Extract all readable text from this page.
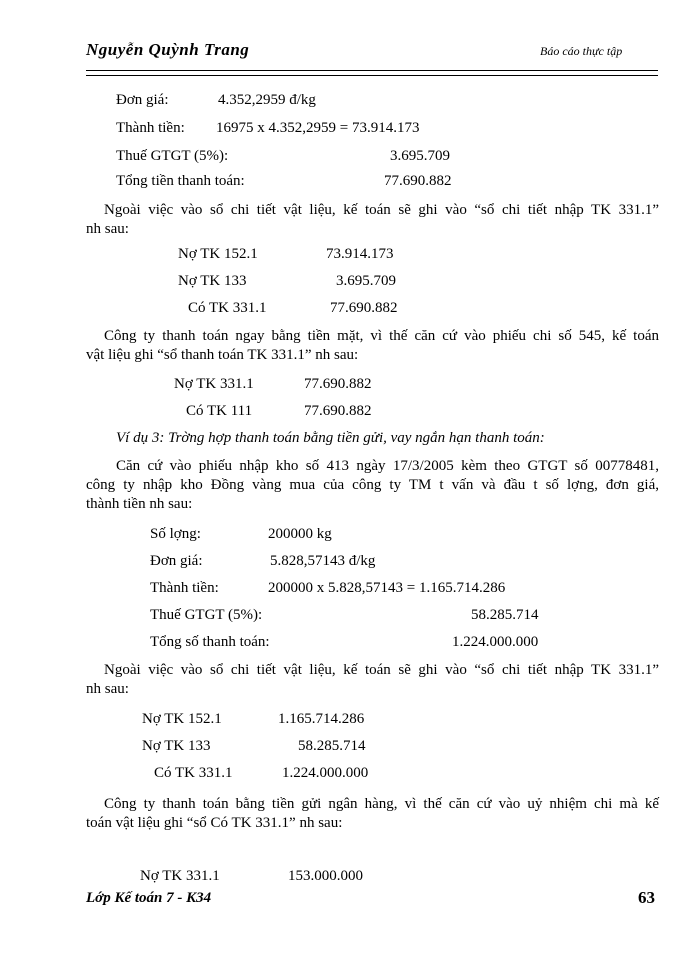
Nguyễn Quỳnh Trang	Báo cáo thực tập
Đơn giá:	4.352,2959 đ/kg
Thành tiền: 16975 x 4.352,2959 = 73.914.173
Thuế GTGT (5%):	3.695.709
Tổng tiền thanh toán:	77.690.882
Ngoài việc vào sổ chi tiết vật liệu, kế toán sẽ ghi vào “sổ chi tiết nhập TK 331.1”
nh sau:
Nợ TK 152.1	73.914.173
Nợ TK 133	3.695.709
Có TK 331.1	77.690.882
Công ty thanh toán ngay bằng tiền mặt, vì thế căn cứ vào phiếu chi số 545, kế toán
vật liệu ghi “sổ thanh toán TK 331.1” nh sau:
Nợ TK 331.1	77.690.882
Có TK 111	77.690.882
Ví dụ 3: Trờng hợp thanh toán bằng tiền gửi, vay ngắn hạn thanh toán:
Căn cứ vào phiếu nhập kho số 413 ngày 17/3/2005 kèm theo GTGT số 00778481,
công ty nhập kho Đồng vàng mua của công ty TM t vấn và đầu t số lợng, đơn giá,
thành tiền nh sau:
Số lợng:	200000 kg
Đơn giá:	5.828,57143 đ/kg
Thành tiền:	200000 x 5.828,57143 = 1.165.714.286
Thuế GTGT (5%):	58.285.714
Tổng số thanh toán:	1.224.000.000
Ngoài việc vào sổ chi tiết vật liệu, kế toán sẽ ghi vào “sổ chi tiết nhập TK 331.1”
nh sau:
Nợ TK 152.1	1.165.714.286
Nợ TK 133	58.285.714
Có TK 331.1	1.224.000.000
Công ty thanh toán bằng tiền gửi ngân hàng, vì thế căn cứ vào uỷ nhiệm chi mà kế
toán vật liệu ghi “sổ Có TK 331.1” nh sau:
Nợ TK 331.1	153.000.000
Lớp Kế toán 7 - K34	63
